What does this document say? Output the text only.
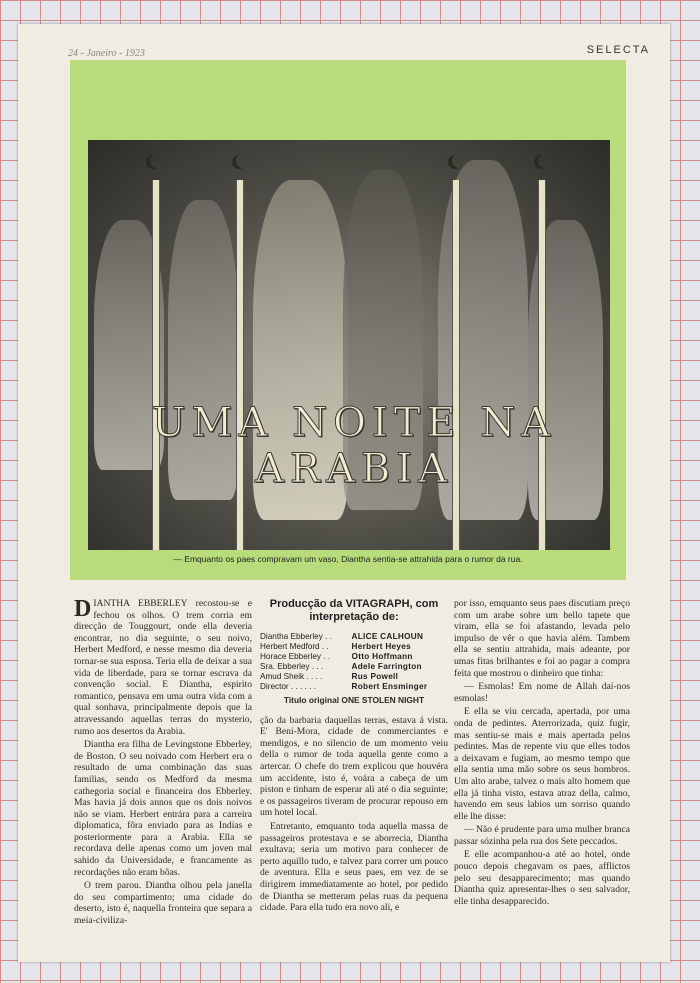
24 - Janeiro - 1923	SELECTA
UMA NOITE NA ARABIA
— Emquanto os paes compravam um vaso, Diantha sentia-se attrahida para o rumor da rua.

DIANTHA EBBERLEY recostou-se e fechou os olhos. O trem corria em direcção de Touggourt, onde ella deveria encontrar, no dia seguinte, o seu noivo, Herbert Medford, e nesse mesmo dia deveria tornar-se sua esposa. Teria ella de deixar a sua vida de liberdade, para se tornar escrava da convenção social. E Diantha, espirito romantico, pensava em uma outra vida com a qual sonhava, principalmente depois que la atravessando aquellas terras do mysterio, rumo aos desertos da Arabia.

Diantha era filha de Levingstone Ebberley, de Boston. O seu noivado com Herbert era o resultado de uma combinação das suas familias, sendo os Medford da mesma cathegoria social e financeira dos Ebberley. Mas havia já dois annos que os dois noivos não se viam. Herbert entrára para a carreira diplomatica, fôra enviado para as Indias e posteriormente para a Arabia. Ella se recordava delle apenas como um joven mal sahido da Universidade, e francamente as recordações não eram bôas.

O trem parou. Diantha olhou pela janella do seu compartimento; uma cidade do deserto, isto é, naquella fronteira que separa a meia-civiliza-

Producção da VITAGRAPH, com interpretação de:
Diantha Ebberley . .	ALICE CALHOUN
Herbert Medford . .	Herbert Heyes
Horace Ebberley . .	Otto Hoffmann
Sra. Ebberley . . .	Adele Farrington
Amud Sheik . . . .	Rus Powell
Director . . . . . .	Robert Ensminger
Titulo original ONE STOLEN NIGHT

ção da barbaria daquellas terras, estava á vista. E' Beni-Mora, cidade de commerciantes e mendigos, e no silencio de um momento veiu della o rumor de toda aquella gente como a artercar. O chefe do trem explicou que houvéra um accidente, isto é, voára a cabeça de um piston e tinham de esperar ali até o dia seguinte; e os passageiros tiveram de procurar repouso em um hotel local.

Entretanto, emquanto toda aquella massa de passageiros protestava e se aborrecia, Diantha exultava; seria um motivo para conhecer de perto aquillo tudo, e talvez para correr um pouco de aventura. Ella e seus paes, em vez de se dirigirem immediatamente ao hotel, por pedido de Diantha se metteram pelas ruas da pequena cidade. Para ella tudo era novo ali, e

por isso, emquanto seus paes discutiam preço com um arabe sobre um bello tapete que viram, ella se foi afastando, levada pelo impulso de vêr o que havia além. Tambem ella se sentiu attrahida, mais adeante, por umas fitas brilhantes e foi ao pagar a compra feita que mostrou o dinheiro que tinha:

— Esmolas! Em nome de Allah dai-nos esmolas!

E ella se viu cercada, apertada, por uma onda de pedintes. Aterrorizada, quiz fugir, mas sentiu-se mais e mais apertada pelos pedintes. Mas de repente viu que elles todos a deixavam e fugiam, ao mesmo tempo que ella sentia uma mão sobre os seus hombros. Um alto arabe, talvez o mais alto homem que ella já tinha visto, estava atraz della, calmo, havendo em seus labios um sorriso quando elle lhe disse:

— Não é prudente para uma mulher branca passar sózinha pela rua dos Sete peccados.

E elle acompanhou-a até ao hotel, onde pouco depois chegavam os paes, afflictos pelo seu desapparecimento; mas quando Diantha quiz apresentar-lhes o seu salvador, elle tinha desapparecido.
